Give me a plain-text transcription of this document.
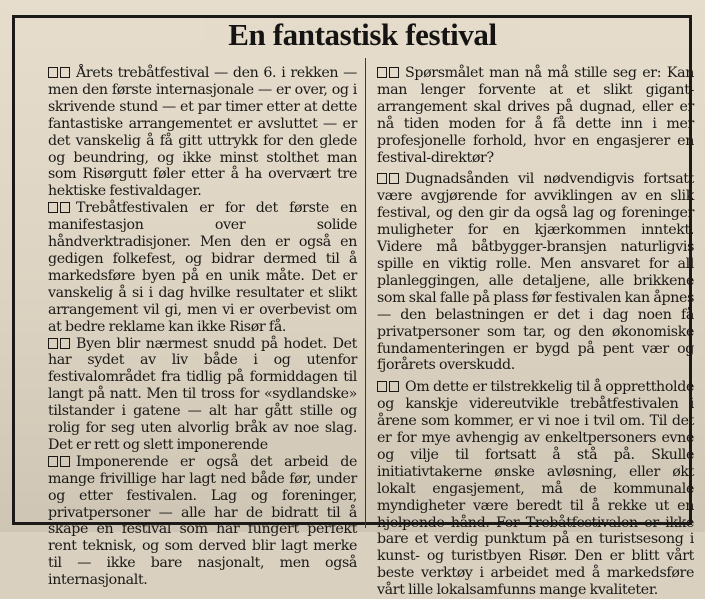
En fantastisk festival

Årets trebåtfestival — den 6. i rekken — men den første internasjonale — er over, og i skrivende stund — et par timer etter at dette fantastiske arrangementet er avsluttet — er det vanskelig å få gitt uttrykk for den glede og beundring, og ikke minst stolthet man som Risørgutt føler etter å ha overvært tre hektiske festivaldager.

Trebåtfestivalen er for det første en manifestasjon over solide håndverktradisjoner. Men den er også en gedigen folkefest, og bidrar dermed til å markedsføre byen på en unik måte. Det er vanskelig å si i dag hvilke resultater et slikt arrangement vil gi, men vi er overbevist om at bedre reklame kan ikke Risør få.

Byen blir nærmest snudd på hodet. Det har sydet av liv både i og utenfor festivalområdet fra tidlig på formiddagen til langt på natt. Men til tross for «sydlandske» tilstander i gatene — alt har gått stille og rolig for seg uten alvorlig bråk av noe slag. Det er rett og slett imponerende

Imponerende er også det arbeid de mange frivillige har lagt ned både før, under og etter festivalen. Lag og foreninger, privatpersoner — alle har de bidratt til å skape en festival som har fungert perfekt rent teknisk, og som derved blir lagt merke til — ikke bare nasjonalt, men også internasjonalt.

Spørsmålet man nå må stille seg er: Kan man lenger forvente at et slikt gigant-arrangement skal drives på dugnad, eller er nå tiden moden for å få dette inn i mer profesjonelle forhold, hvor en engasjerer en festival-direktør?

Dugnadsånden vil nødvendigvis fortsatt være avgjørende for avviklingen av en slik festival, og den gir da også lag og foreninger muligheter for en kjærkommen inntekt. Videre må båtbygger-bransjen naturligvis spille en viktig rolle. Men ansvaret for all planleggingen, alle detaljene, alle brikkene som skal falle på plass før festivalen kan åpnes — den belastningen er det i dag noen få privatpersoner som tar, og den økonomiske fundamenteringen er bygd på pent vær og fjorårets overskudd.

Om dette er tilstrekkelig til å opprettholde og kanskje videreutvikle trebåtfestivalen i årene som kommer, er vi noe i tvil om. Til det er for mye avhengig av enkeltpersoners evne og vilje til fortsatt å stå på. Skulle initiativtakerne ønske avløsning, eller økt lokalt engasjement, må de kommunale myndigheter være beredt til å rekke ut en hjelpende hånd. For Trebåtfestivalen er ikke bare et verdig punktum på en turistsesong i kunst- og turistbyen Risør. Den er blitt vårt beste verktøy i arbeidet med å markedsføre vårt lille lokalsamfunns mange kvaliteter.
